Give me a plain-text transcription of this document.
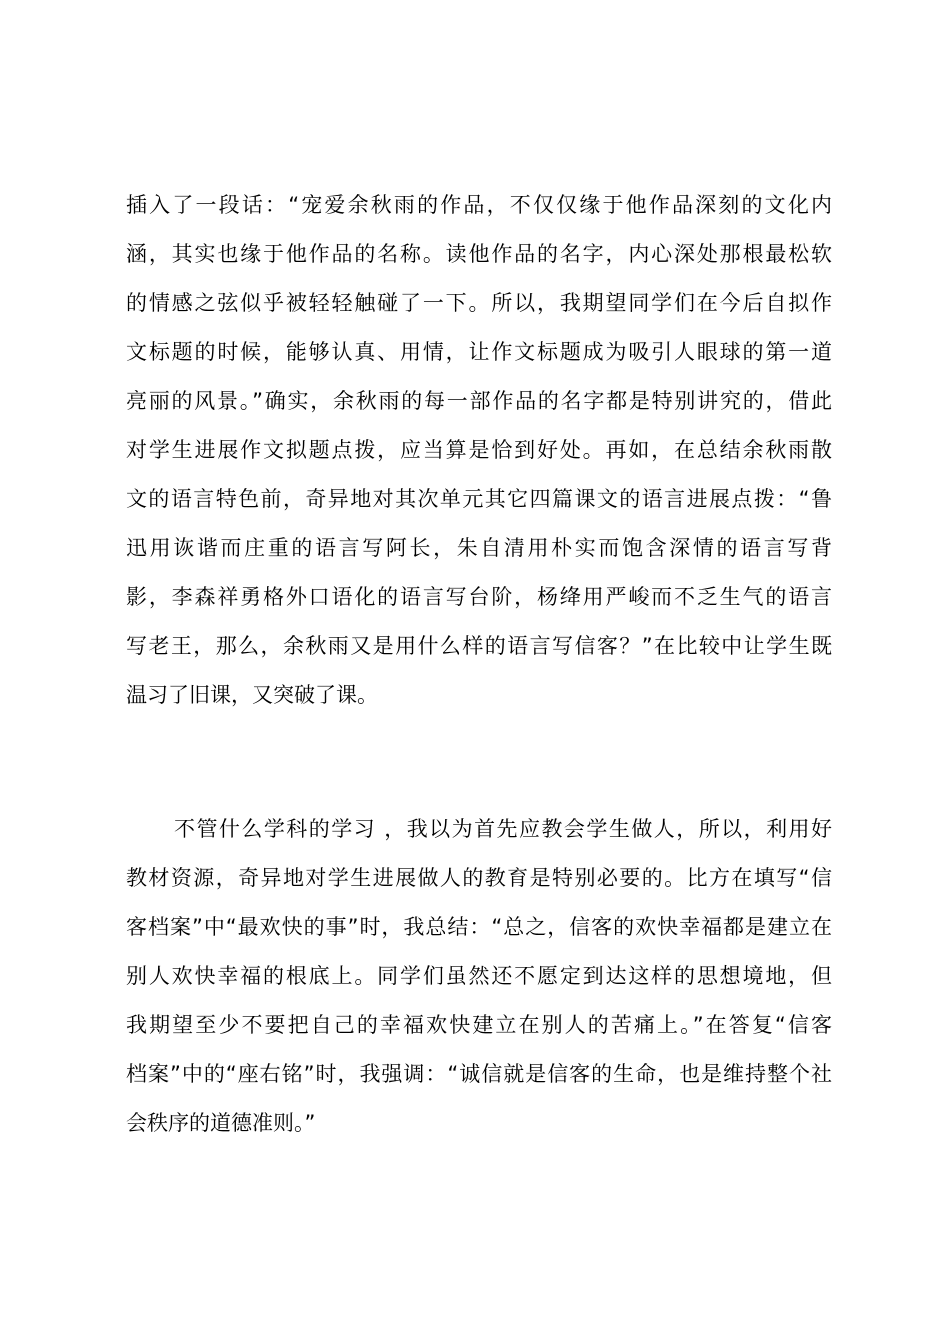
插入了一段话：“宠爱余秋雨的作品，不仅仅缘于他作品深刻的文化内
涵，其实也缘于他作品的名称。读他作品的名字，内心深处那根最松软
的情感之弦似乎被轻轻触碰了一下。所以，我期望同学们在今后自拟作
文标题的时候，能够认真、用情，让作文标题成为吸引人眼球的第一道
亮丽的风景。”确实，余秋雨的每一部作品的名字都是特别讲究的，借此
对学生进展作文拟题点拨，应当算是恰到好处。再如，在总结余秋雨散
文的语言特色前，奇异地对其次单元其它四篇课文的语言进展点拨：“鲁
迅用诙谐而庄重的语言写阿长，朱自清用朴实而饱含深情的语言写背
影，李森祥勇格外口语化的语言写台阶，杨绛用严峻而不乏生气的语言
写老王，那么，余秋雨又是用什么样的语言写信客？”在比较中让学生既
温习了旧课，又突破了课。
不管什么学科的学习 ，我以为首先应教会学生做人，所以，利用好
教材资源，奇异地对学生进展做人的教育是特别必要的。比方在填写“信
客档案”中“最欢快的事”时，我总结：“总之，信客的欢快幸福都是建立在
别人欢快幸福的根底上。同学们虽然还不愿定到达这样的思想境地，但
我期望至少不要把自己的幸福欢快建立在别人的苦痛上。”在答复“信客
档案”中的“座右铭”时，我强调：“诚信就是信客的生命，也是维持整个社
会秩序的道德准则。”
